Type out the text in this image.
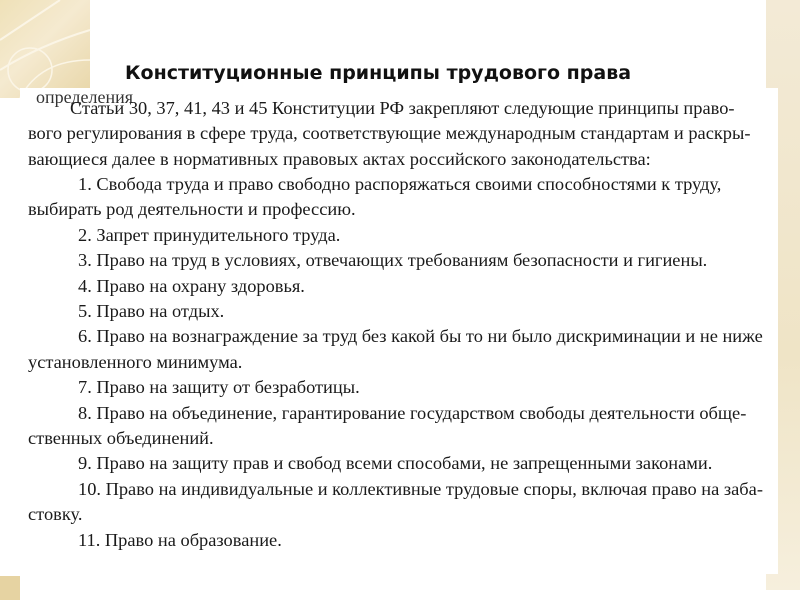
Конституционные принципы трудового права
определения
Статьи 30, 37, 41, 43 и 45 Конституции РФ закрепляют следующие принципы право-
вого регулирования в сфере труда, соответствующие международным стандартам и раскры-
вающиеся далее в нормативных правовых актах российского законодательства:
1. Свобода труда и право свободно распоряжаться своими способностями к труду,
выбирать род деятельности и профессию.
2. Запрет принудительного труда.
3. Право на труд в условиях, отвечающих требованиям безопасности и гигиены.
4. Право на охрану здоровья.
5. Право на отдых.
6. Право на вознаграждение за труд без какой бы то ни было дискриминации и не ниже
установленного минимума.
7. Право на защиту от безработицы.
8. Право на объединение, гарантирование государством свободы деятельности обще-
ственных объединений.
9. Право на защиту прав и свобод всеми способами, не запрещенными законами.
10. Право на индивидуальные и коллективные трудовые споры, включая право на заба-
стовку.
11. Право на образование.
